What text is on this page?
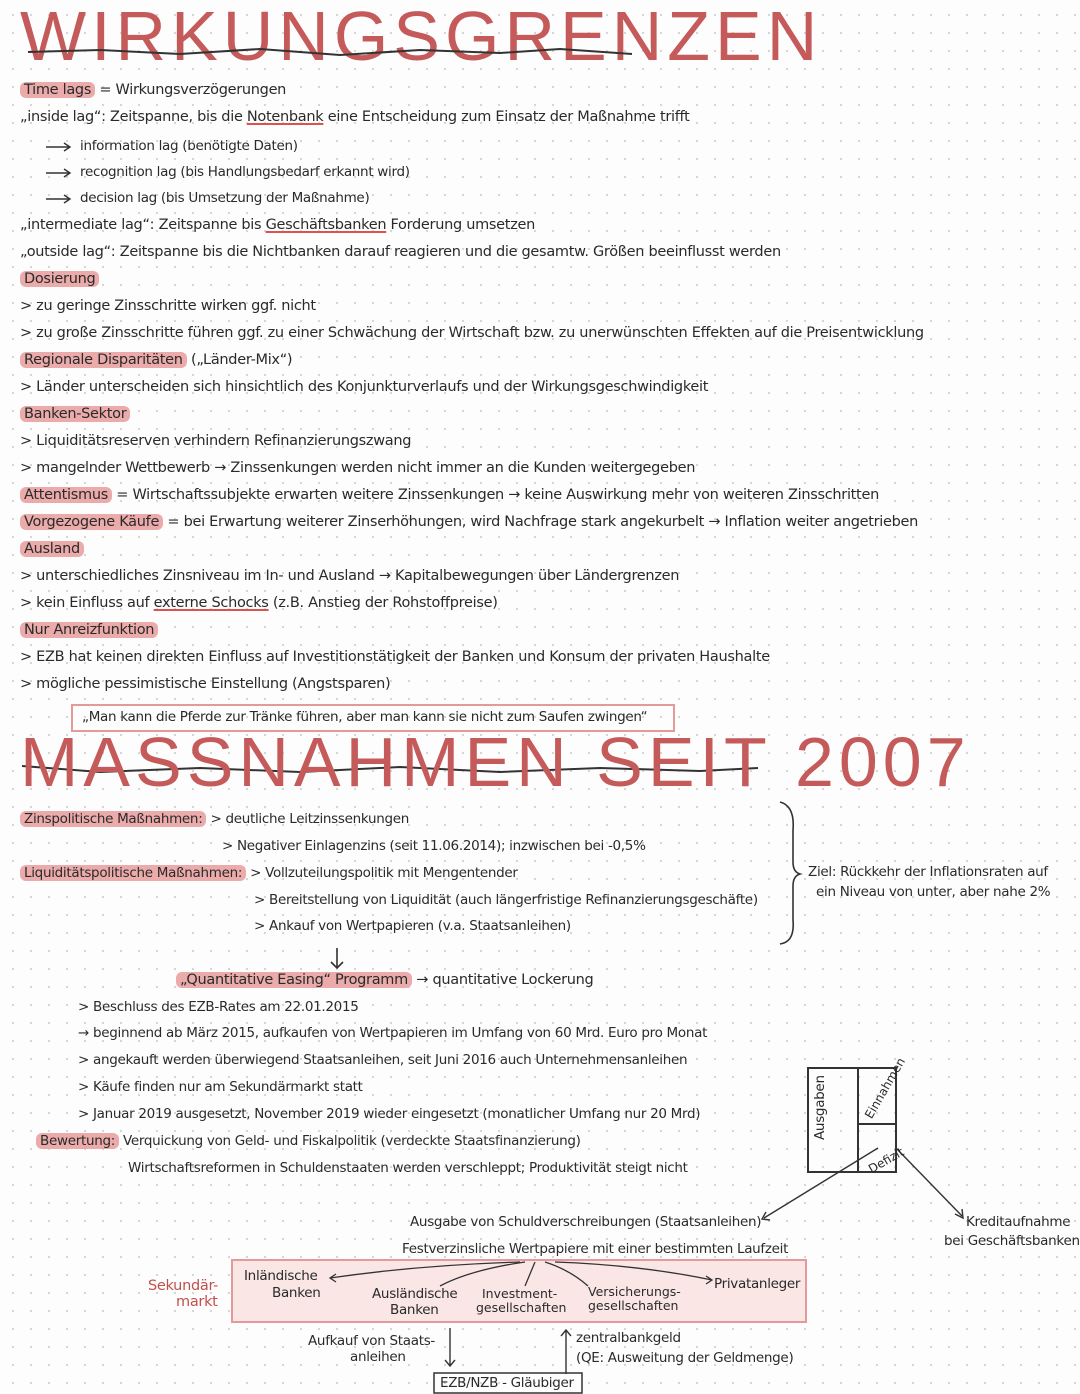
WIRKUNGSGRENZEN
Time lags = Wirkungsverzögerungen
„inside lag“: Zeitspanne, bis die Notenbank eine Entscheidung zum Einsatz der Maßnahme trifft
information lag (benötigte Daten)
recognition lag (bis Handlungsbedarf erkannt wird)
decision lag (bis Umsetzung der Maßnahme)
„intermediate lag“: Zeitspanne bis Geschäftsbanken Forderung umsetzen
„outside lag“: Zeitspanne bis die Nichtbanken darauf reagieren und die gesamtw. Größen beeinflusst werden
Dosierung
> zu geringe Zinsschritte wirken ggf. nicht
> zu große Zinsschritte führen ggf. zu einer Schwächung der Wirtschaft bzw. zu unerwünschten Effekten auf die Preisentwicklung
Regionale Disparitäten („Länder-Mix“)
> Länder unterscheiden sich hinsichtlich des Konjunkturverlaufs und der Wirkungsgeschwindigkeit
Banken-Sektor
> Liquiditätsreserven verhindern Refinanzierungszwang
> mangelnder Wettbewerb → Zinssenkungen werden nicht immer an die Kunden weitergegeben
Attentismus = Wirtschaftssubjekte erwarten weitere Zinssenkungen → keine Auswirkung mehr von weiteren Zinsschritten
Vorgezogene Käufe = bei Erwartung weiterer Zinserhöhungen, wird Nachfrage stark angekurbelt → Inflation weiter angetrieben
Ausland
> unterschiedliches Zinsniveau im In- und Ausland → Kapitalbewegungen über Ländergrenzen
> kein Einfluss auf externe Schocks (z.B. Anstieg der Rohstoffpreise)
Nur Anreizfunktion
> EZB hat keinen direkten Einfluss auf Investitionstätigkeit der Banken und Konsum der privaten Haushalte
> mögliche pessimistische Einstellung (Angstsparen)
„Man kann die Pferde zur Tränke führen, aber man kann sie nicht zum Saufen zwingen“
MASSNAHMEN SEIT 2007
Zinspolitische Maßnahmen: > deutliche Leitzinssenkungen
> Negativer Einlagenzins (seit 11.06.2014); inzwischen bei -0,5%
Liquiditätspolitische Maßnahmen: > Vollzuteilungspolitik mit Mengentender
> Bereitstellung von Liquidität (auch längerfristige Refinanzierungsgeschäfte)
> Ankauf von Wertpapieren (v.a. Staatsanleihen)
Ziel: Rückkehr der Inflationsraten auf
ein Niveau von unter, aber nahe 2%
„Quantitative Easing“ Programm → quantitative Lockerung
> Beschluss des EZB-Rates am 22.01.2015
→ beginnend ab März 2015, aufkaufen von Wertpapieren im Umfang von 60 Mrd. Euro pro Monat
> angekauft werden überwiegend Staatsanleihen, seit Juni 2016 auch Unternehmensanleihen
> Käufe finden nur am Sekundärmarkt statt
> Januar 2019 ausgesetzt, November 2019 wieder eingesetzt (monatlicher Umfang nur 20 Mrd)
Bewertung: Verquickung von Geld- und Fiskalpolitik (verdeckte Staatsfinanzierung)
Wirtschaftsreformen in Schuldenstaaten werden verschleppt; Produktivität steigt nicht
Ausgaben	Einnahmen
Defizit
Ausgabe von Schuldverschreibungen (Staatsanleihen)
Festverzinsliche Wertpapiere mit einer bestimmten Laufzeit
Kreditaufnahme
bei Geschäftsbanken
Sekundär-
markt
Inländische
Banken	Ausländische
Banken
Investment-
gesellschaften
Versicherungs-
gesellschaften
Privatanleger
Aufkauf von Staats-
anleihen
zentralbankgeld
(QE: Ausweitung der Geldmenge)
EZB/NZB - Gläubiger
